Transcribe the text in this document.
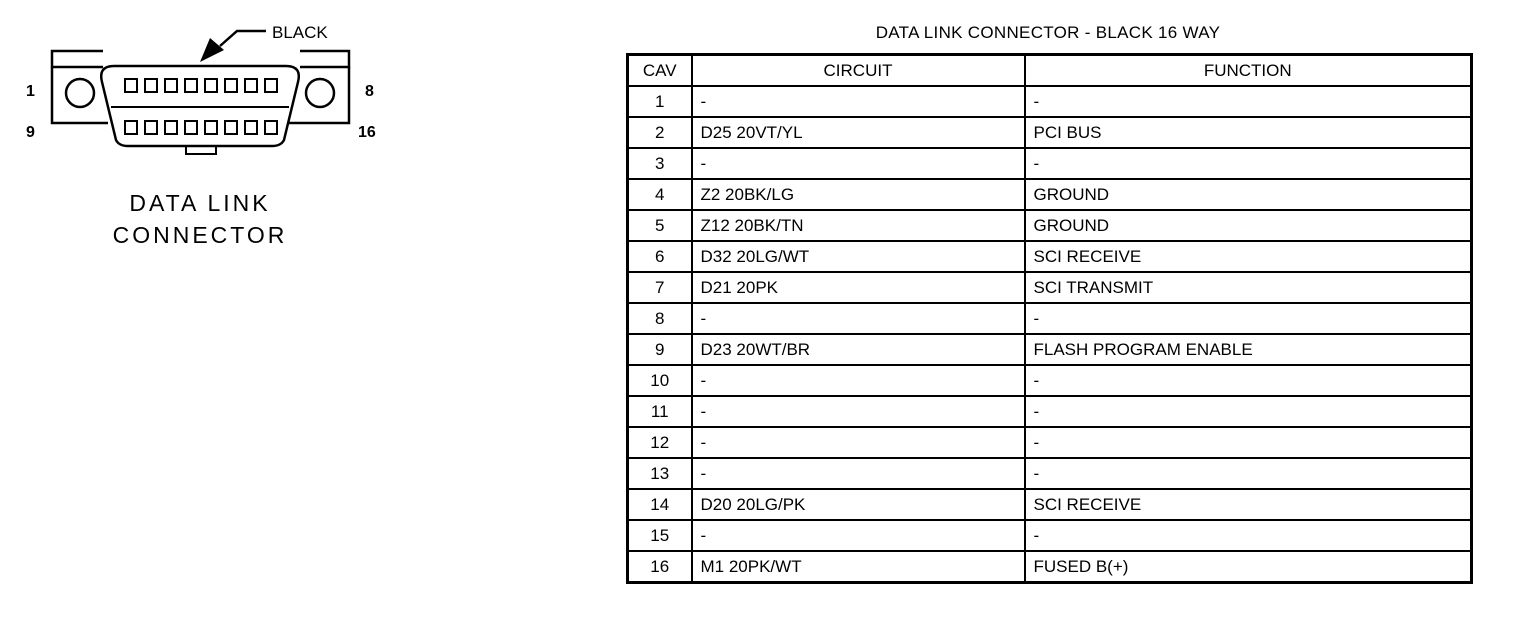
BLACK
1	8
9	16
DATA LINK
CONNECTOR
DATA LINK CONNECTOR - BLACK 16 WAY
CAV	CIRCUIT	FUNCTION
1	-	-
2	D25 20VT/YL	PCI BUS
3	-	-
4	Z2 20BK/LG	GROUND
5	Z12 20BK/TN	GROUND
6	D32 20LG/WT	SCI RECEIVE
7	D21 20PK	SCI TRANSMIT
8	-	-
9	D23 20WT/BR	FLASH PROGRAM ENABLE
10	-	-
11	-	-
12	-	-
13	-	-
14	D20 20LG/PK	SCI RECEIVE
15	-	-
16	M1 20PK/WT	FUSED B(+)
